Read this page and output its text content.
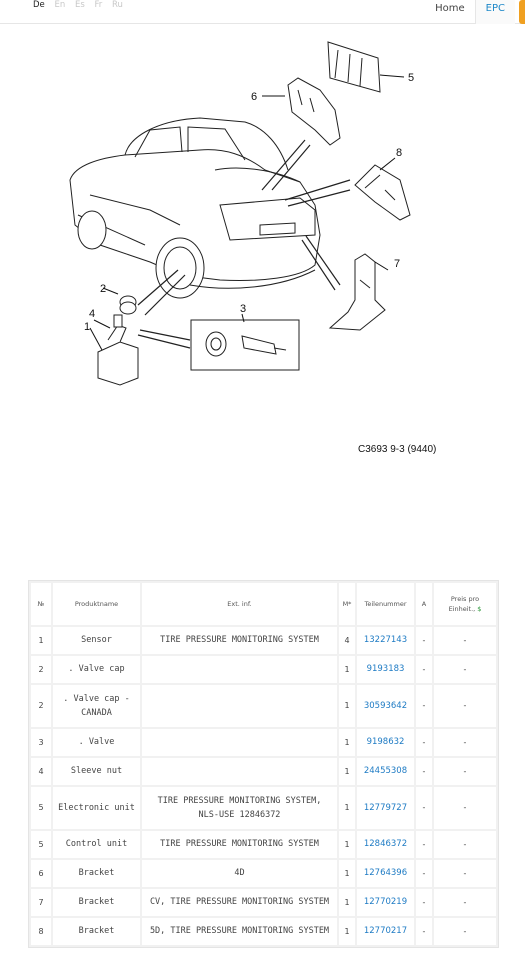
De En Es Fr Ru	Home	EPC
1
2
3
4
5
6
7
8
C3693 9-3 (9440)
№	Produktname	Ext. inf.	M*	Teilenummer	A	Preis pro
Einheit., $
1	Sensor	TIRE PRESSURE MONITORING SYSTEM	4	13227143	-	-
2	. Valve cap		1	9193183	-	-
2	. Valve cap - CANADA		1	30593642	-	-
3	. Valve		1	9198632	-	-
4	Sleeve nut		1	24455308	-	-
5	Electronic unit	TIRE PRESSURE MONITORING SYSTEM, NLS-USE 12846372	1	12779727	-	-
5	Control unit	TIRE PRESSURE MONITORING SYSTEM	1	12846372	-	-
6	Bracket	4D	1	12764396	-	-
7	Bracket	CV, TIRE PRESSURE MONITORING SYSTEM	1	12770219	-	-
8	Bracket	5D, TIRE PRESSURE MONITORING SYSTEM	1	12770217	-	-
